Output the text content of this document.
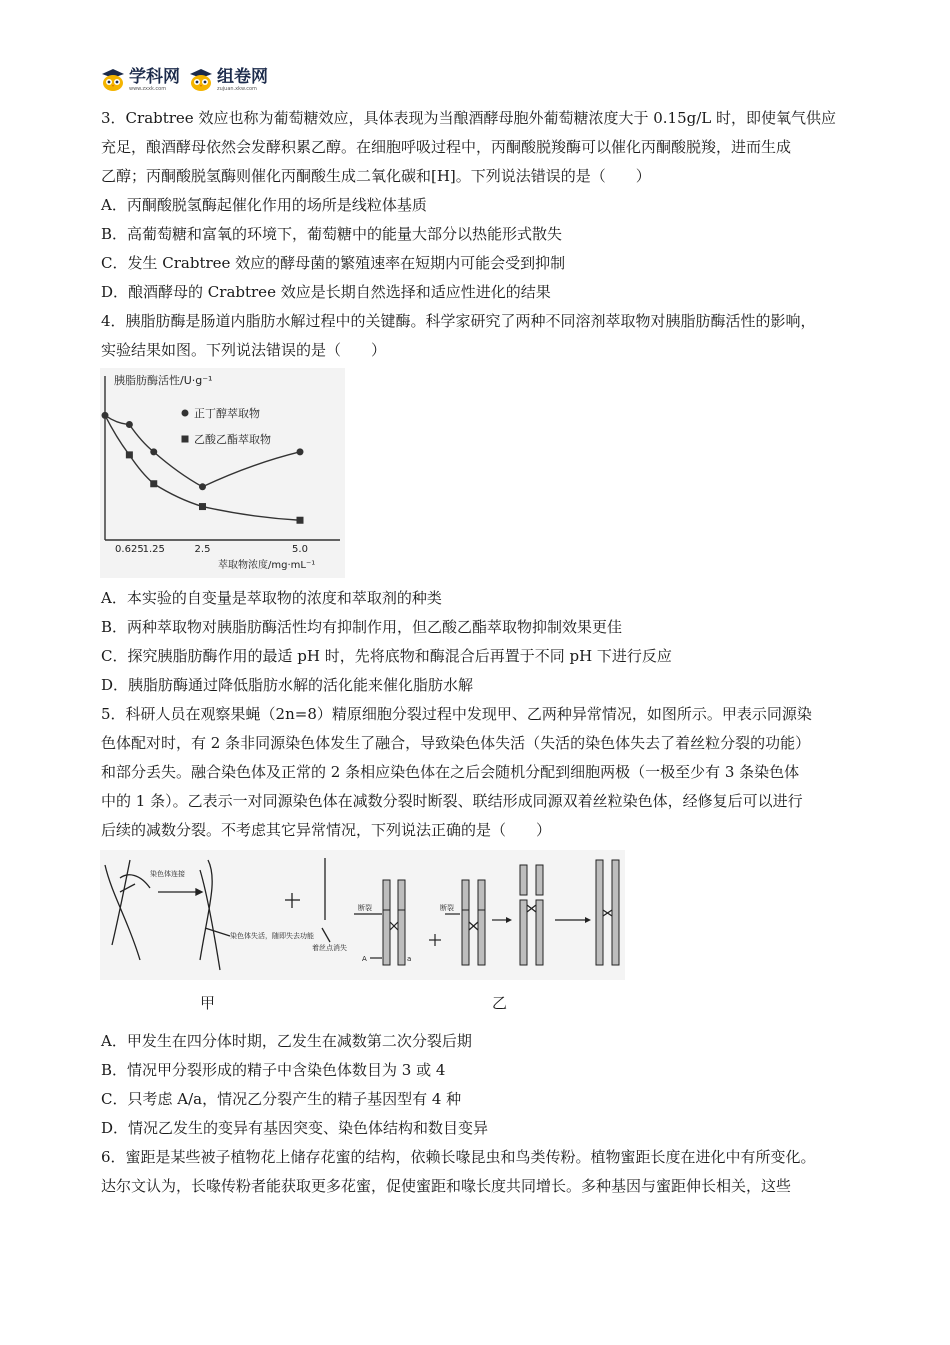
学科网
www.zxxk.com
组卷网
zujuan.xkw.com
3．Crabtree 效应也称为葡萄糖效应，具体表现为当酿酒酵母胞外葡萄糖浓度大于 0.15g/L 时，即使氧气供应
充足，酿酒酵母依然会发酵积累乙醇。在细胞呼吸过程中，丙酮酸脱羧酶可以催化丙酮酸脱羧，进而生成
乙醇；丙酮酸脱氢酶则催化丙酮酸生成二氧化碳和[H]。下列说法错误的是（　　）
A．丙酮酸脱氢酶起催化作用的场所是线粒体基质
B．高葡萄糖和富氧的环境下，葡萄糖中的能量大部分以热能形式散失
C．发生 Crabtree 效应的酵母菌的繁殖速率在短期内可能会受到抑制
D．酿酒酵母的 Crabtree 效应是长期自然选择和适应性进化的结果
4．胰脂肪酶是肠道内脂肪水解过程中的关键酶。科学家研究了两种不同溶剂萃取物对胰脂肪酶活性的影响，
实验结果如图。下列说法错误的是（　　）
A．本实验的自变量是萃取物的浓度和萃取剂的种类
B．两种萃取物对胰脂肪酶活性均有抑制作用，但乙酸乙酯萃取物抑制效果更佳
C．探究胰脂肪酶作用的最适 pH 时，先将底物和酶混合后再置于不同 pH 下进行反应
D．胰脂肪酶通过降低脂肪水解的活化能来催化脂肪水解
5．科研人员在观察果蝇（2n=8）精原细胞分裂过程中发现甲、乙两种异常情况，如图所示。甲表示同源染
色体配对时，有 2 条非同源染色体发生了融合，导致染色体失活（失活的染色体失去了着丝粒分裂的功能）
和部分丢失。融合染色体及正常的 2 条相应染色体在之后会随机分配到细胞两极（一极至少有 3 条染色体
中的 1 条）。乙表示一对同源染色体在减数分裂时断裂、联结形成同源双着丝粒染色体，经修复后可以进行
后续的减数分裂。不考虑其它异常情况，下列说法正确的是（　　）
A．甲发生在四分体时期，乙发生在减数第二次分裂后期
B．情况甲分裂形成的精子中含染色体数目为 3 或 4
C．只考虑 A/a，情况乙分裂产生的精子基因型有 4 种
D．情况乙发生的变异有基因突变、染色体结构和数目变异
6．蜜距是某些被子植物花上储存花蜜的结构，依赖长喙昆虫和鸟类传粉。植物蜜距长度在进化中有所变化。
达尔文认为，长喙传粉者能获取更多花蜜，促使蜜距和喙长度共同增长。多种基因与蜜距伸长相关，这些
胰脂肪酶活性/U·g⁻¹
萃取物浓度/mg·mL⁻¹
0.625
1.25	2.5	5.0
正丁醇萃取物
乙酸乙酯萃取物
染色体连接
染色体失活，随即失去功能
着丝点消失
断裂	断裂
A	a
甲	乙
